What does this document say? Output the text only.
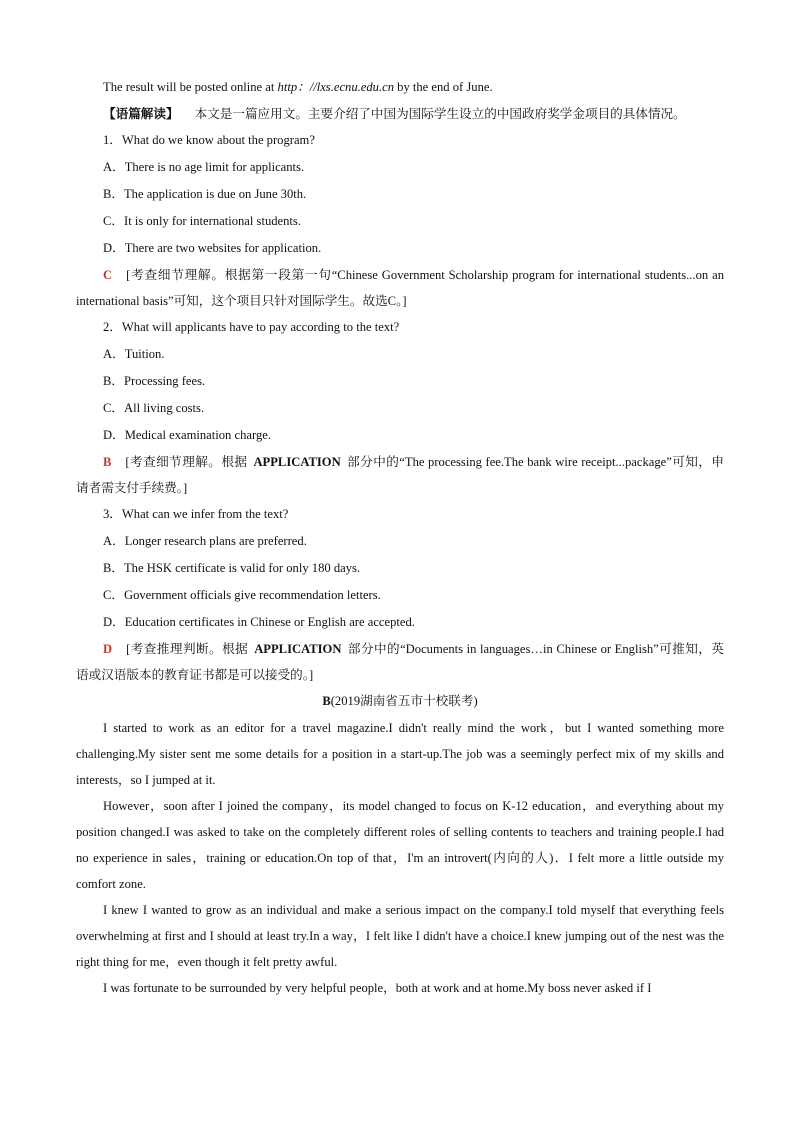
The result will be posted online at http：//lxs.ecnu.edu.cn by the end of June.
【语篇解读】 本文是一篇应用文。主要介绍了中国为国际学生设立的中国政府奖学金项目的具体情况。
1．What do we know about the program?
A．There is no age limit for applicants.
B．The application is due on June 30th.
C．It is only for international students.
D．There are two websites for application.
C [考查细节理解。根据第一段第一句“Chinese Government Scholarship program for international students...on an international basis”可知，这个项目只针对国际学生。故选C。]
2．What will applicants have to pay according to the text?
A．Tuition.
B．Processing fees.
C．All living costs.
D．Medical examination charge.
B [考查细节理解。根据 APPLICATION 部分中的“The processing fee.The bank wire receipt...package”可知，申请者需支付手续费。]
3．What can we infer from the text?
A．Longer research plans are preferred.
B．The HSK certificate is valid for only 180 days.
C．Government officials give recommendation letters.
D．Education certificates in Chinese or English are accepted.
D [考查推理判断。根据 APPLICATION 部分中的“Documents in languages…in Chinese or English”可推知，英语或汉语版本的教育证书都是可以接受的。]
B(2019湖南省五市十校联考)

I started to work as an editor for a travel magazine.I didn't really mind the work，but I wanted something more challenging.My sister sent me some details for a position in a start-up.The job was a seemingly perfect mix of my skills and interests，so I jumped at it.

However，soon after I joined the company，its model changed to focus on K-12 education，and everything about my position changed.I was asked to take on the completely different roles of selling contents to teachers and training people.I had no experience in sales，training or education.On top of that，I'm an introvert(内向的人)．I felt more a little outside my comfort zone.

I knew I wanted to grow as an individual and make a serious impact on the company.I told myself that everything feels overwhelming at first and I should at least try.In a way，I felt like I didn't have a choice.I knew jumping out of the nest was the right thing for me，even though it felt pretty awful.

I was fortunate to be surrounded by very helpful people，both at work and at home.My boss never asked if I
